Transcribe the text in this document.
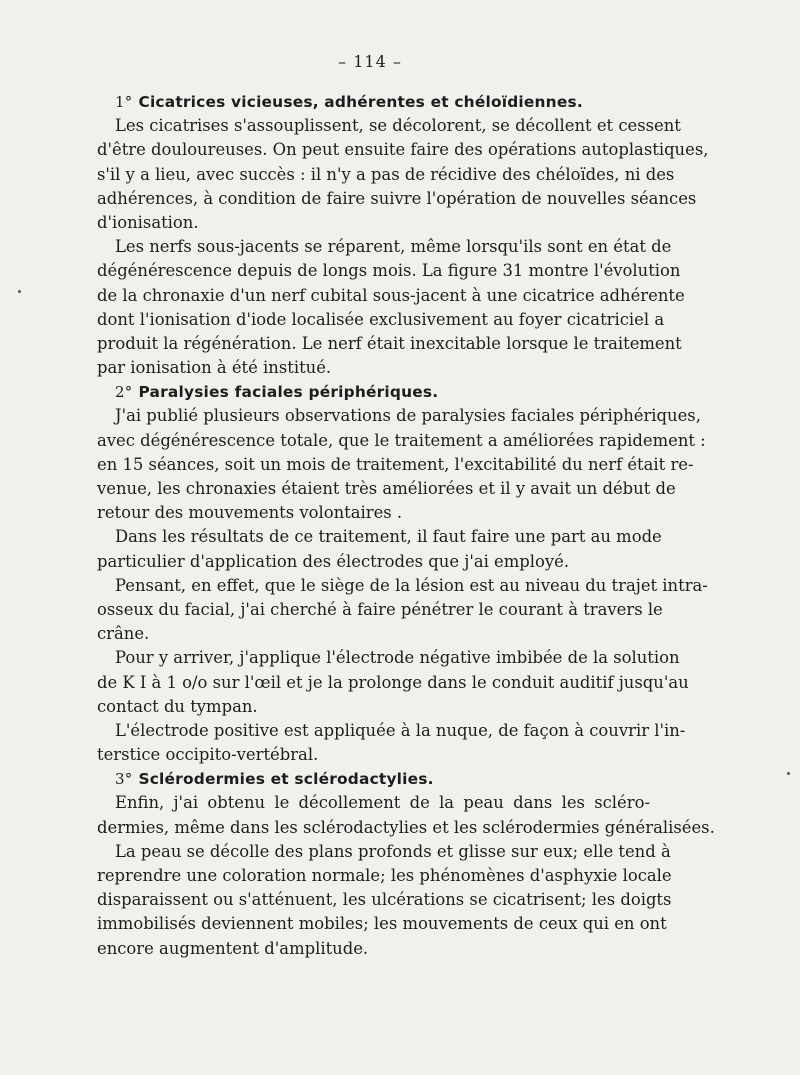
– 114 –
1° Cicatrices vicieuses, adhérentes et chéloïdiennes.
Les cicatrises s'assouplissent, se décolorent, se décollent et cessent
d'être douloureuses. On peut ensuite faire des opérations autoplastiques,
s'il y a lieu, avec succès : il n'y a pas de récidive des chéloïdes, ni des
adhérences, à condition de faire suivre l'opération de nouvelles séances
d'ionisation.
Les nerfs sous-jacents se réparent, même lorsqu'ils sont en état de
dégénérescence depuis de longs mois. La figure 31 montre l'évolution
de la chronaxie d'un nerf cubital sous-jacent à une cicatrice adhérente
dont l'ionisation d'iode localisée exclusivement au foyer cicatriciel a
produit la régénération. Le nerf était inexcitable lorsque le traitement
par ionisation à été institué.
2° Paralysies faciales périphériques.
J'ai publié plusieurs observations de paralysies faciales périphériques,
avec dégénérescence totale, que le traitement a améliorées rapidement :
en 15 séances, soit un mois de traitement, l'excitabilité du nerf était re-
venue, les chronaxies étaient très améliorées et il y avait un début de
retour des mouvements volontaires .
Dans les résultats de ce traitement, il faut faire une part au mode
particulier d'application des électrodes que j'ai employé.
Pensant, en effet, que le siège de la lésion est au niveau du trajet intra-
osseux du facial, j'ai cherché à faire pénétrer le courant à travers le
crâne.
Pour y arriver, j'applique l'électrode négative imbibée de la solution
de K I à 1 o/o sur l'œil et je la prolonge dans le conduit auditif jusqu'au
contact du tympan.
L'électrode positive est appliquée à la nuque, de façon à couvrir l'in-
terstice occipito-vertébral.
3° Sclérodermies et sclérodactylies.
Enfin, j'ai obtenu le décollement de la peau dans les scléro-
dermies, même dans les sclérodactylies et les sclérodermies généralisées.
La peau se décolle des plans profonds et glisse sur eux; elle tend à
reprendre une coloration normale; les phénomènes d'asphyxie locale
disparaissent ou s'atténuent, les ulcérations se cicatrisent; les doigts
immobilisés deviennent mobiles; les mouvements de ceux qui en ont
encore augmentent d'amplitude.
